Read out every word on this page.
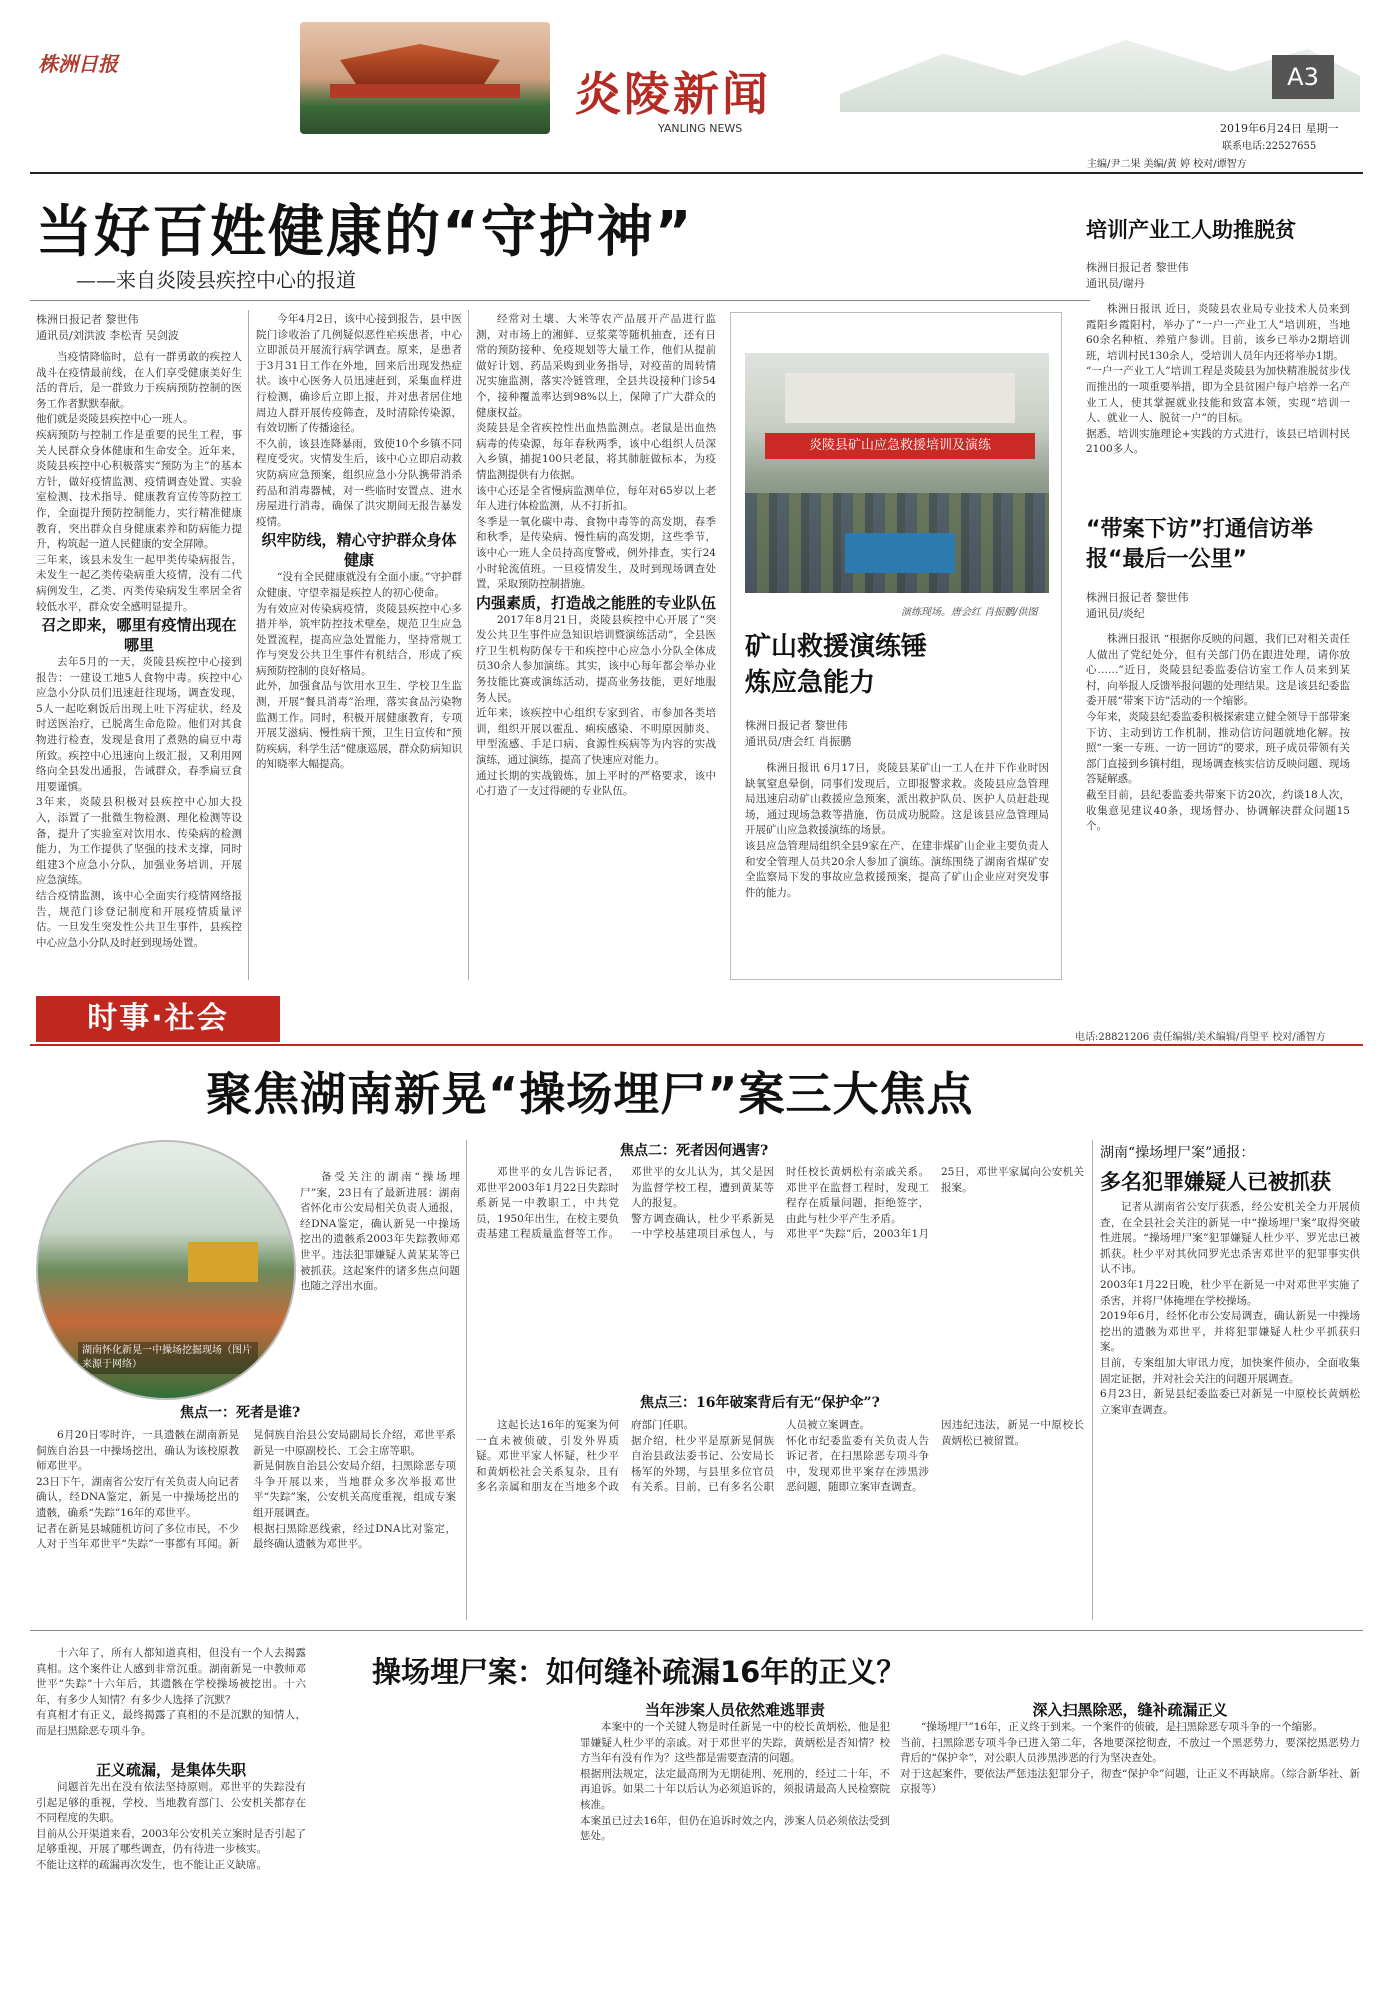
株洲日报
炎陵新闻
YANLING NEWS
A3
2019年6月24日 星期一
联系电话:22527655
主编/尹二果 美编/黄 婷 校对/谭智方
当好百姓健康的“守护神”
——来自炎陵县疾控中心的报道
株洲日报记者 黎世伟
通讯员/刘洪波 李松青 吴剑波

当疫情降临时，总有一群勇敢的疾控人战斗在疫情最前线，在人们享受健康美好生活的背后，是一群致力于疾病预防控制的医务工作者默默奉献。
他们就是炎陵县疾控中心一班人。
疾病预防与控制工作是重要的民生工程，事关人民群众身体健康和生命安全。近年来，炎陵县疾控中心积极落实“预防为主”的基本方针，做好疫情监测、疫情调查处置、实验室检测、技术指导、健康教育宣传等防控工作，全面提升预防控制能力，实行精准健康教育，突出群众自身健康素养和防病能力提升，构筑起一道人民健康的安全屏障。
三年来，该县未发生一起甲类传染病报告，未发生一起乙类传染病重大疫情，没有二代病例发生，乙类、丙类传染病发生率居全省较低水平，群众安全感明显提升。

召之即来，哪里有疫情出现在哪里

去年5月的一天，炎陵县疾控中心接到报告：一建设工地5人食物中毒。疾控中心应急小分队员们迅速赶往现场，调查发现，5人一起吃剩饭后出现上吐下泻症状，经及时送医治疗，已脱离生命危险。他们对其食物进行检查，发现是食用了煮熟的扁豆中毒所致。疾控中心迅速向上级汇报，又利用网络向全县发出通报，告诫群众，春季扁豆食用要谨慎。
3年来，炎陵县积极对县疾控中心加大投入，添置了一批微生物检测、理化检测等设备，提升了实验室对饮用水、传染病的检测能力，为工作提供了坚强的技术支撑，同时组建3个应急小分队，加强业务培训，开展应急演练。
结合疫情监测，该中心全面实行疫情网络报告，规范门诊登记制度和开展疫情质量评估。一旦发生突发性公共卫生事件，县疾控中心应急小分队及时赶到现场处置。

今年4月2日，该中心接到报告，县中医院门诊收治了几例疑似恶性疟疾患者，中心立即派员开展流行病学调查。原来，是患者于3月31日工作在外地，回来后出现发热症状。该中心医务人员迅速赶到，采集血样进行检测，确诊后立即上报，并对患者居住地周边人群开展传疫筛查，及时清除传染源，有效切断了传播途径。
不久前，该县连降暴雨，致使10个乡镇不同程度受灾。灾情发生后，该中心立即启动救灾防病应急预案，组织应急小分队携带消杀药品和消毒器械，对一些临时安置点、进水房屋进行消毒，确保了洪灾期间无报告暴发疫情。

织牢防线，精心守护群众身体健康

“没有全民健康就没有全面小康。”守护群众健康、守望幸福是疾控人的初心使命。
为有效应对传染病疫情，炎陵县疾控中心多措并举，筑牢防控技术壁垒，规范卫生应急处置流程，提高应急处置能力，坚持常规工作与突发公共卫生事件有机结合，形成了疾病预防控制的良好格局。
此外，加强食品与饮用水卫生、学校卫生监测，开展“餐具消毒”治理，落实食品污染物监测工作。同时，积极开展健康教育，专项开展艾滋病、慢性病干预，卫生日宣传和“预防疾病，科学生活”健康巡展，群众防病知识的知晓率大幅提高。

经常对土壤、大米等农产品展开产品进行监测，对市场上的湘鲜、豆浆菜等随机抽查，还有日常的预防接种、免疫规划等大量工作，他们从提前做好计划、药品采购到业务指导，对疫苗的周转情况实施监测，落实冷链管理，全县共设接种门诊54个，接种覆盖率达到98%以上，保障了广大群众的健康权益。
炎陵县是全省疾控性出血热监测点。老鼠是出血热病毒的传染源，每年春秋两季，该中心组织人员深入乡镇，捕捉100只老鼠，将其肺脏做标本，为疫情监测提供有力依据。
该中心还是全省慢病监测单位，每年对65岁以上老年人进行体检监测，从不打折扣。
冬季是一氧化碳中毒、食物中毒等的高发期，春季和秋季，是传染病、慢性病的高发期，这些季节，该中心一班人全员持高度警戒，例外排查，实行24小时轮流值班。一旦疫情发生，及时到现场调查处置，采取预防控制措施。

内强素质，打造战之能胜的专业队伍

2017年8月21日，炎陵县疾控中心开展了“突发公共卫生事件应急知识培训暨演练活动”，全县医疗卫生机构防保专干和疾控中心应急小分队全体成员30余人参加演练。其实，该中心每年都会举办业务技能比赛或演练活动，提高业务技能，更好地服务人民。
近年来，该疾控中心组织专家到省、市参加各类培训，组织开展以霍乱、痢疾感染、不明原因肺炎、甲型流感、手足口病、食源性疾病等为内容的实战演练，通过演练，提高了快速应对能力。
通过长期的实战锻炼，加上平时的严格要求，该中心打造了一支过得硬的专业队伍。

炎陵县矿山应急救援培训及演练
演练现场。唐会红 肖振鹏/供图
矿山救援演练锤炼应急能力
株洲日报记者 黎世伟
通讯员/唐会红 肖振鹏
株洲日报讯 6月17日，炎陵县某矿山一工人在井下作业时因缺氧窒息晕倒，同事们发现后，立即报警求救。炎陵县应急管理局迅速启动矿山救援应急预案，派出救护队员、医护人员赶赴现场，通过现场急救等措施，伤员成功脱险。这是该县应急管理局开展矿山应急救援演练的场景。
该县应急管理局组织全县9家在产、在建非煤矿山企业主要负责人和安全管理人员共20余人参加了演练。演练围绕了湖南省煤矿安全监察局下发的事故应急救援预案，提高了矿山企业应对突发事件的能力。
培训产业工人助推脱贫
株洲日报记者 黎世伟
通讯员/谢丹
株洲日报讯 近日，炎陵县农业局专业技术人员来到霞阳乡霞阳村，举办了“一户一产业工人”培训班，当地60余名种植、养殖户参训。目前，该乡已举办2期培训班，培训村民130余人，受培训人员年内还将举办1期。
“一户一产业工人”培训工程是炎陵县为加快精准脱贫步伐而推出的一项重要举措，即为全县贫困户每户培养一名产业工人，使其掌握就业技能和致富本领，实现“培训一人、就业一人、脱贫一户”的目标。
据悉，培训实施理论+实践的方式进行，该县已培训村民2100多人。
“带案下访”打通信访举报“最后一公里”
株洲日报记者 黎世伟
通讯员/炎纪
株洲日报讯 “根据你反映的问题，我们已对相关责任人做出了党纪处分，但有关部门仍在跟进处理，请你放心……”近日，炎陵县纪委监委信访室工作人员来到某村，向举报人反馈举报问题的处理结果。这是该县纪委监委开展“带案下访”活动的一个缩影。
今年来，炎陵县纪委监委积极探索建立健全领导干部带案下访、主动到访工作机制，推动信访问题就地化解。按照“一案一专班、一访一回访”的要求，班子成员带领有关部门直接到乡镇村组，现场调查核实信访反映问题、现场答疑解惑。
截至目前，县纪委监委共带案下访20次，约谈18人次，收集意见建议40条，现场督办、协调解决群众问题15个。
时事·社会
电话:28821206 责任编辑/美术编辑/肖望平 校对/潘智方
聚焦湖南新晃“操场埋尸”案三大焦点
湖南怀化新晃一中操场挖掘现场（图片来源于网络）
备受关注的湖南“操场埋尸”案，23日有了最新进展：湖南省怀化市公安局相关负责人通报，经DNA鉴定，确认新晃一中操场挖出的遗骸系2003年失踪教师邓世平。违法犯罪嫌疑人黄某某等已被抓获。这起案件的诸多焦点问题也随之浮出水面。
焦点一：死者是谁?
6月20日零时许，一具遗骸在湖南新晃侗族自治县一中操场挖出，确认为该校原教师邓世平。
23日下午，湖南省公安厅有关负责人向记者确认，经DNA鉴定，新晃一中操场挖出的遗骸，确系“失踪”16年的邓世平。
记者在新晃县城随机访问了多位市民，不少人对于当年邓世平“失踪”一事都有耳闻。新晃侗族自治县公安局副局长介绍，邓世平系新晃一中原副校长、工会主席等职。
新晃侗族自治县公安局介绍，扫黑除恶专项斗争开展以来，当地群众多次举报邓世平“失踪”案，公安机关高度重视，组成专案组开展调查。
根据扫黑除恶线索，经过DNA比对鉴定，最终确认遗骸为邓世平。
焦点二：死者因何遇害?
邓世平的女儿告诉记者，邓世平2003年1月22日失踪时系新晃一中教职工，中共党员，1950年出生，在校主要负责基建工程质量监督等工作。邓世平的女儿认为，其父是因为监督学校工程，遭到黄某等人的报复。
警方调查确认，杜少平系新晃一中学校基建项目承包人，与时任校长黄炳松有亲戚关系。邓世平在监督工程时，发现工程存在质量问题，拒绝签字，由此与杜少平产生矛盾。
邓世平“失踪”后，2003年1月25日，邓世平家属向公安机关报案。
焦点三：16年破案背后有无“保护伞”?
这起长达16年的冤案为何一直未被侦破，引发外界质疑。邓世平家人怀疑，杜少平和黄炳松社会关系复杂，且有多名亲属和朋友在当地多个政府部门任职。
据介绍，杜少平是原新晃侗族自治县政法委书记、公安局长杨军的外甥，与县里多位官员有关系。目前，已有多名公职人员被立案调查。
怀化市纪委监委有关负责人告诉记者，在扫黑除恶专项斗争中，发现邓世平案存在涉黑涉恶问题，随即立案审查调查。
因违纪违法，新晃一中原校长黄炳松已被留置。
湖南“操场埋尸案”通报：
多名犯罪嫌疑人已被抓获
记者从湖南省公安厅获悉，经公安机关全力开展侦查，在全县社会关注的新晃一中“操场埋尸案”取得突破性进展。“操场埋尸案”犯罪嫌疑人杜少平、罗光忠已被抓获。杜少平对其伙同罗光忠杀害邓世平的犯罪事实供认不讳。
2003年1月22日晚，杜少平在新晃一中对邓世平实施了杀害，并将尸体掩埋在学校操场。
2019年6月，经怀化市公安局调查，确认新晃一中操场挖出的遗骸为邓世平，并将犯罪嫌疑人杜少平抓获归案。
目前，专案组加大审讯力度，加快案件侦办，全面收集固定证据，并对社会关注的问题开展调查。
6月23日，新晃县纪委监委已对新晃一中原校长黄炳松立案审查调查。
十六年了，所有人都知道真相，但没有一个人去揭露真相。这个案件让人感到非常沉重。湖南新晃一中教师邓世平“失踪”十六年后，其遗骸在学校操场被挖出。十六年，有多少人知情？有多少人选择了沉默？
有真相才有正义，最终揭露了真相的不是沉默的知情人，而是扫黑除恶专项斗争。
操场埋尸案：如何缝补疏漏16年的正义？

正义疏漏，是集体失职

问题首先出在没有依法坚持原则。邓世平的失踪没有引起足够的重视，学校、当地教育部门、公安机关都存在不同程度的失职。
目前从公开渠道来看，2003年公安机关立案时是否引起了足够重视、开展了哪些调查，仍有待进一步核实。
不能让这样的疏漏再次发生，也不能让正义缺席。

当年涉案人员依然难逃罪责

本案中的一个关键人物是时任新晃一中的校长黄炳松，他是犯罪嫌疑人杜少平的亲戚。对于邓世平的失踪，黄炳松是否知情？校方当年有没有作为？这些都是需要查清的问题。
根据刑法规定，法定最高刑为无期徒刑、死刑的，经过二十年，不再追诉。如果二十年以后认为必须追诉的，须报请最高人民检察院核准。
本案虽已过去16年，但仍在追诉时效之内，涉案人员必须依法受到惩处。

深入扫黑除恶，缝补疏漏正义

“操场埋尸”16年，正义终于到来。一个案件的侦破，是扫黑除恶专项斗争的一个缩影。
当前，扫黑除恶专项斗争已进入第二年，各地要深挖彻查，不放过一个黑恶势力，要深挖黑恶势力背后的“保护伞”，对公职人员涉黑涉恶的行为坚决查处。
对于这起案件，要依法严惩违法犯罪分子，彻查“保护伞”问题，让正义不再缺席。（综合新华社、新京报等）
